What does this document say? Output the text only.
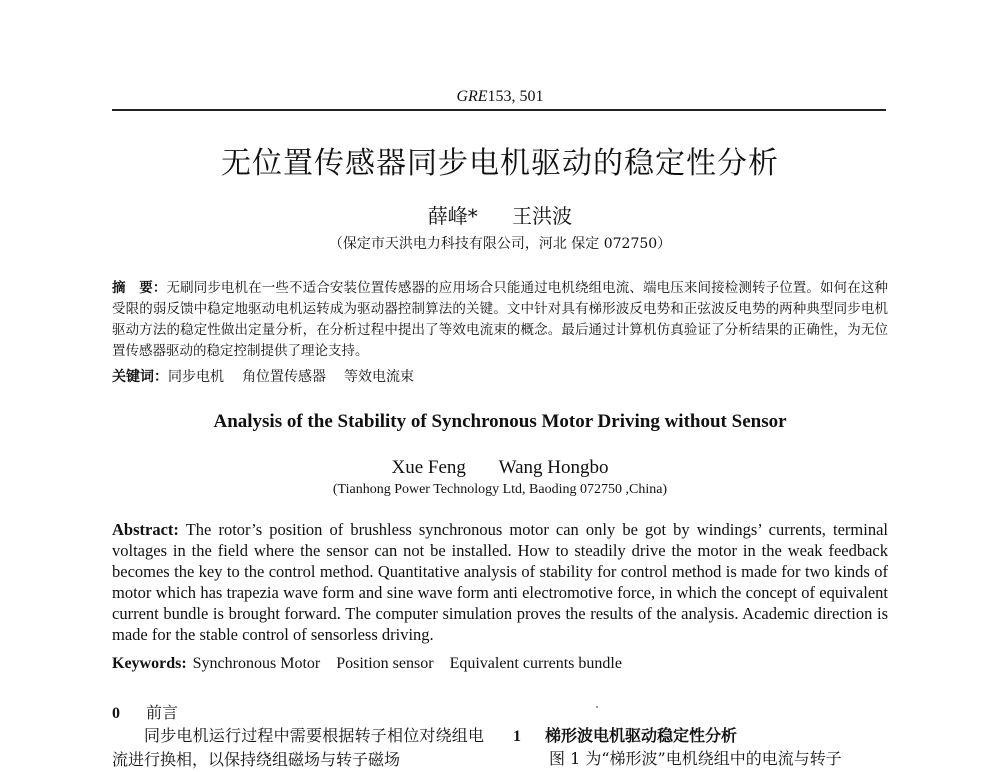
GRE153, 501
无位置传感器同步电机驱动的稳定性分析
薛峰* 王洪波
（保定市天洪电力科技有限公司，河北 保定 072750）
摘　要：无刷同步电机在一些不适合安装位置传感器的应用场合只能通过电机绕组电流、端电压来间接检测转子位置。如何在这种受限的弱反馈中稳定地驱动电机运转成为驱动器控制算法的关键。文中针对具有梯形波反电势和正弦波反电势的两种典型同步电机驱动方法的稳定性做出定量分析，在分析过程中提出了等效电流束的概念。最后通过计算机仿真验证了分析结果的正确性，为无位置传感器驱动的稳定控制提供了理论支持。
关键词：同步电机 角位置传感器 等效电流束
Analysis of the Stability of Synchronous Motor Driving without Sensor
Xue Feng Wang Hongbo
(Tianhong Power Technology Ltd, Baoding 072750 ,China)
Abstract: The rotor’s position of brushless synchronous motor can only be got by windings’ currents, terminal voltages in the field where the sensor can not be installed. How to steadily drive the motor in the weak feedback becomes the key to the control method. Quantitative analysis of stability for control method is made for two kinds of motor which has trapezia wave form and sine wave form anti electromotive force, in which the concept of equivalent current bundle is brought forward. The computer simulation proves the results of the analysis. Academic direction is made for the stable control of sensorless driving.
Keywords: Synchronous Motor Position sensor Equivalent currents bundle
0 前言
同步电机运行过程中需要根据转子相位对绕组电流进行换相，以保持绕组磁场与转子磁场
1 梯形波电机驱动稳定性分析
图 1 为“梯形波”电机绕组中的电流与转子
